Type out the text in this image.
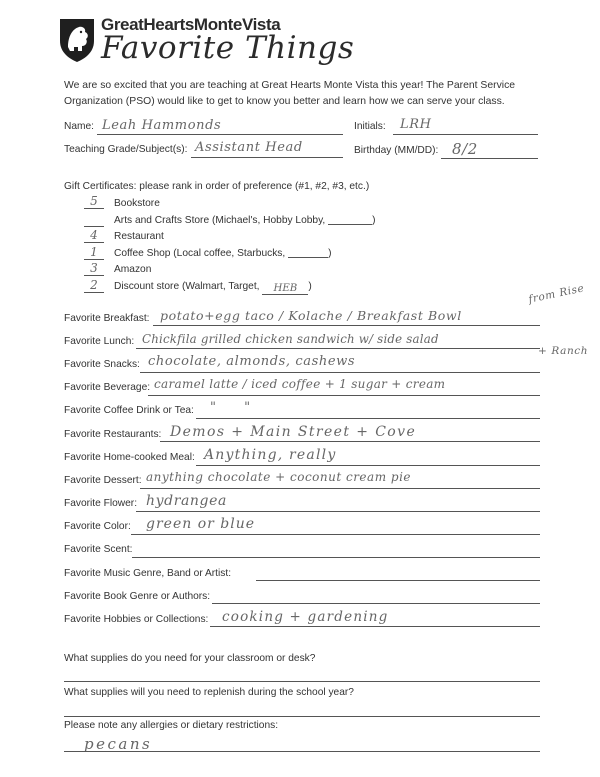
GreatHeartsMonteVista
Favorite Things
We are so excited that you are teaching at Great Hearts Monte Vista this year! The Parent Service
Organization (PSO) would like to get to know you better and learn how we can serve your class.
Name: Leah Hammonds	Initials: LRH
Teaching Grade/Subject(s): Assistant Head	Birthday (MM/DD): 8/2
Gift Certificates: please rank in order of preference (#1, #2, #3, etc.)
5	Bookstore
Arts and Crafts Store (Michael's, Hobby Lobby,	)
4	Restaurant
1	Coffee Shop (Local coffee, Starbucks,	)
3	Amazon
2	Discount store (Walmart, Target, HEB )
Favorite Breakfast: potato+egg taco / Kolache / Breakfast Bowl
from Rise
Favorite Lunch: Chickfila grilled chicken sandwich w/ side salad
Favorite Snacks: chocolate, almonds, cashews
+ Ranch
Favorite Beverage: caramel latte / iced coffee + 1 sugar + cream
Favorite Coffee Drink or Tea: " "
Favorite Restaurants: Demos + Main Street + Cove
Favorite Home-cooked Meal: Anything, really
Favorite Dessert: anything chocolate + coconut cream pie
Favorite Flower: hydrangea
Favorite Color: green or blue
Favorite Scent:
Favorite Music Genre, Band or Artist:
Favorite Book Genre or Authors:
Favorite Hobbies or Collections: cooking + gardening
What supplies do you need for your classroom or desk?
What supplies will you need to replenish during the school year?
Please note any allergies or dietary restrictions:
pecans
